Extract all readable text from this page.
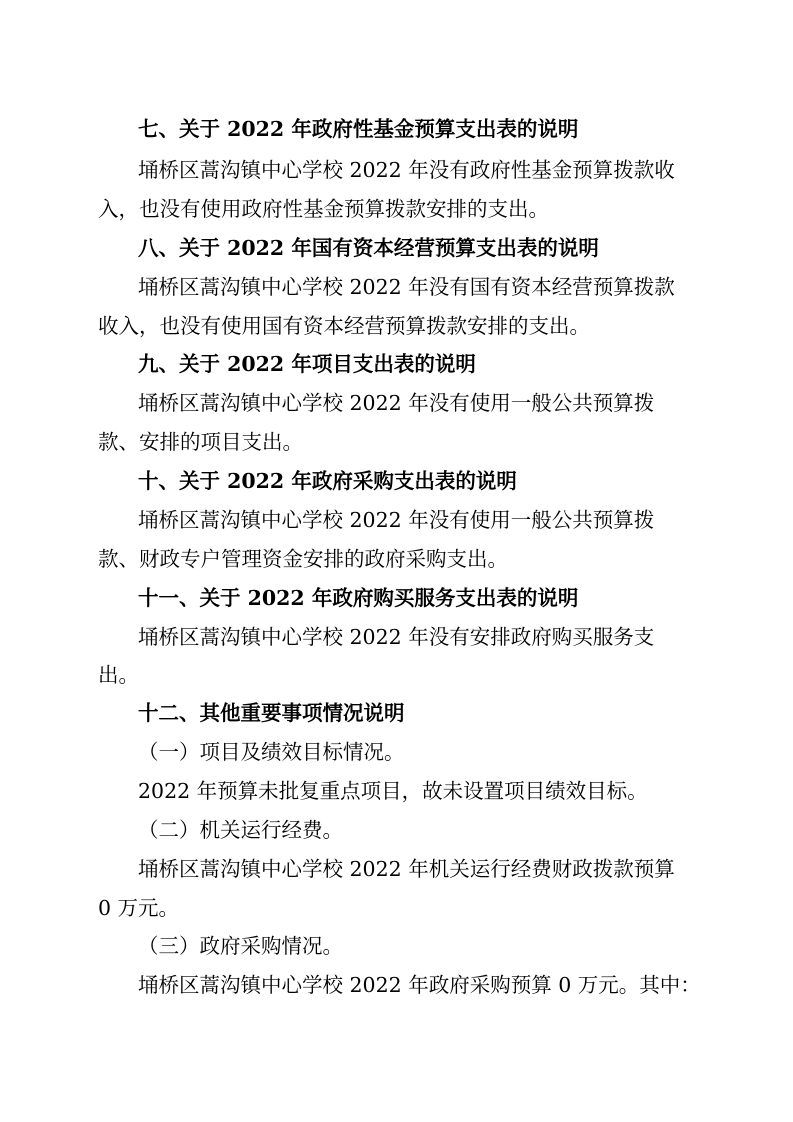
七、关于 2022 年政府性基金预算支出表的说明
埇桥区蒿沟镇中心学校 2022 年没有政府性基金预算拨款收
入，也没有使用政府性基金预算拨款安排的支出。
八、关于 2022 年国有资本经营预算支出表的说明
埇桥区蒿沟镇中心学校 2022 年没有国有资本经营预算拨款
收入，也没有使用国有资本经营预算拨款安排的支出。
九、关于 2022 年项目支出表的说明
埇桥区蒿沟镇中心学校 2022 年没有使用一般公共预算拨
款、安排的项目支出。
十、关于 2022 年政府采购支出表的说明
埇桥区蒿沟镇中心学校 2022 年没有使用一般公共预算拨
款、财政专户管理资金安排的政府采购支出。
十一、关于 2022 年政府购买服务支出表的说明
埇桥区蒿沟镇中心学校 2022 年没有安排政府购买服务支
出。
十二、其他重要事项情况说明
（一）项目及绩效目标情况。
2022 年预算未批复重点项目，故未设置项目绩效目标。
（二）机关运行经费。
埇桥区蒿沟镇中心学校 2022 年机关运行经费财政拨款预算
0 万元。
（三）政府采购情况。
埇桥区蒿沟镇中心学校 2022 年政府采购预算 0 万元。其中：
